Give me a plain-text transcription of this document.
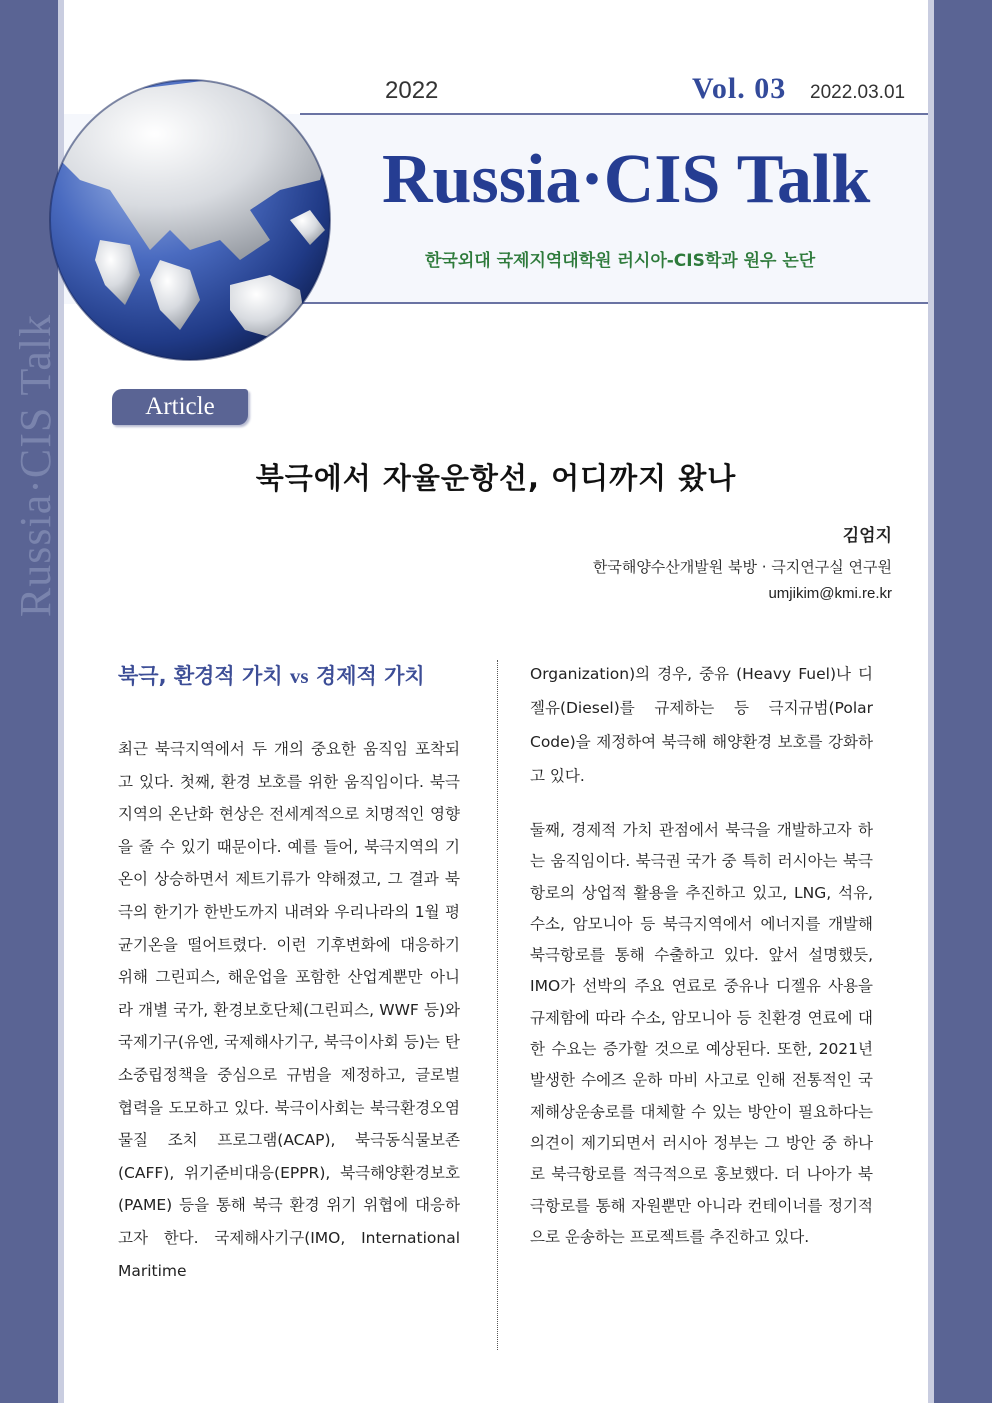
Russia·CIS Talk
2022	Vol. 03 2022.03.01
Russia·CIS Talk
한국외대 국제지역대학원 러시아-CIS학과 원우 논단
Article
북극에서 자율운항선, 어디까지 왔나
김엄지
한국해양수산개발원 북방 · 극지연구실 연구원
umjikim@kmi.re.kr
북극, 환경적 가치 vs 경제적 가치

최근 북극지역에서 두 개의 중요한 움직임 포착되고 있다. 첫째, 환경 보호를 위한 움직임이다. 북극지역의 온난화 현상은 전세계적으로 치명적인 영향을 줄 수 있기 때문이다. 예를 들어, 북극지역의 기온이 상승하면서 제트기류가 약해졌고, 그 결과 북극의 한기가 한반도까지 내려와 우리나라의 1월 평균기온을 떨어트렸다. 이런 기후변화에 대응하기 위해 그린피스, 해운업을 포함한 산업계뿐만 아니라 개별 국가, 환경보호단체(그린피스, WWF 등)와 국제기구(유엔, 국제해사기구, 북극이사회 등)는 탄소중립정책을 중심으로 규범을 제정하고, 글로벌 협력을 도모하고 있다. 북극이사회는 북극환경오염물질 조치 프로그램(ACAP), 북극동식물보존(CAFF), 위기준비대응(EPPR), 북극해양환경보호(PAME) 등을 통해 북극 환경 위기 위협에 대응하고자 한다. 국제해사기구(IMO, International Maritime

Organization)의 경우, 중유 (Heavy Fuel)나 디젤유(Diesel)를 규제하는 등 극지규범(Polar Code)을 제정하여 북극해 해양환경 보호를 강화하고 있다.

둘째, 경제적 가치 관점에서 북극을 개발하고자 하는 움직임이다. 북극권 국가 중 특히 러시아는 북극항로의 상업적 활용을 추진하고 있고, LNG, 석유, 수소, 암모니아 등 북극지역에서 에너지를 개발해 북극항로를 통해 수출하고 있다. 앞서 설명했듯, IMO가 선박의 주요 연료로 중유나 디젤유 사용을 규제함에 따라 수소, 암모니아 등 친환경 연료에 대한 수요는 증가할 것으로 예상된다. 또한, 2021년 발생한 수에즈 운하 마비 사고로 인해 전통적인 국제해상운송로를 대체할 수 있는 방안이 필요하다는 의견이 제기되면서 러시아 정부는 그 방안 중 하나로 북극항로를 적극적으로 홍보했다. 더 나아가 북극항로를 통해 자원뿐만 아니라 컨테이너를 정기적으로 운송하는 프로젝트를 추진하고 있다.
